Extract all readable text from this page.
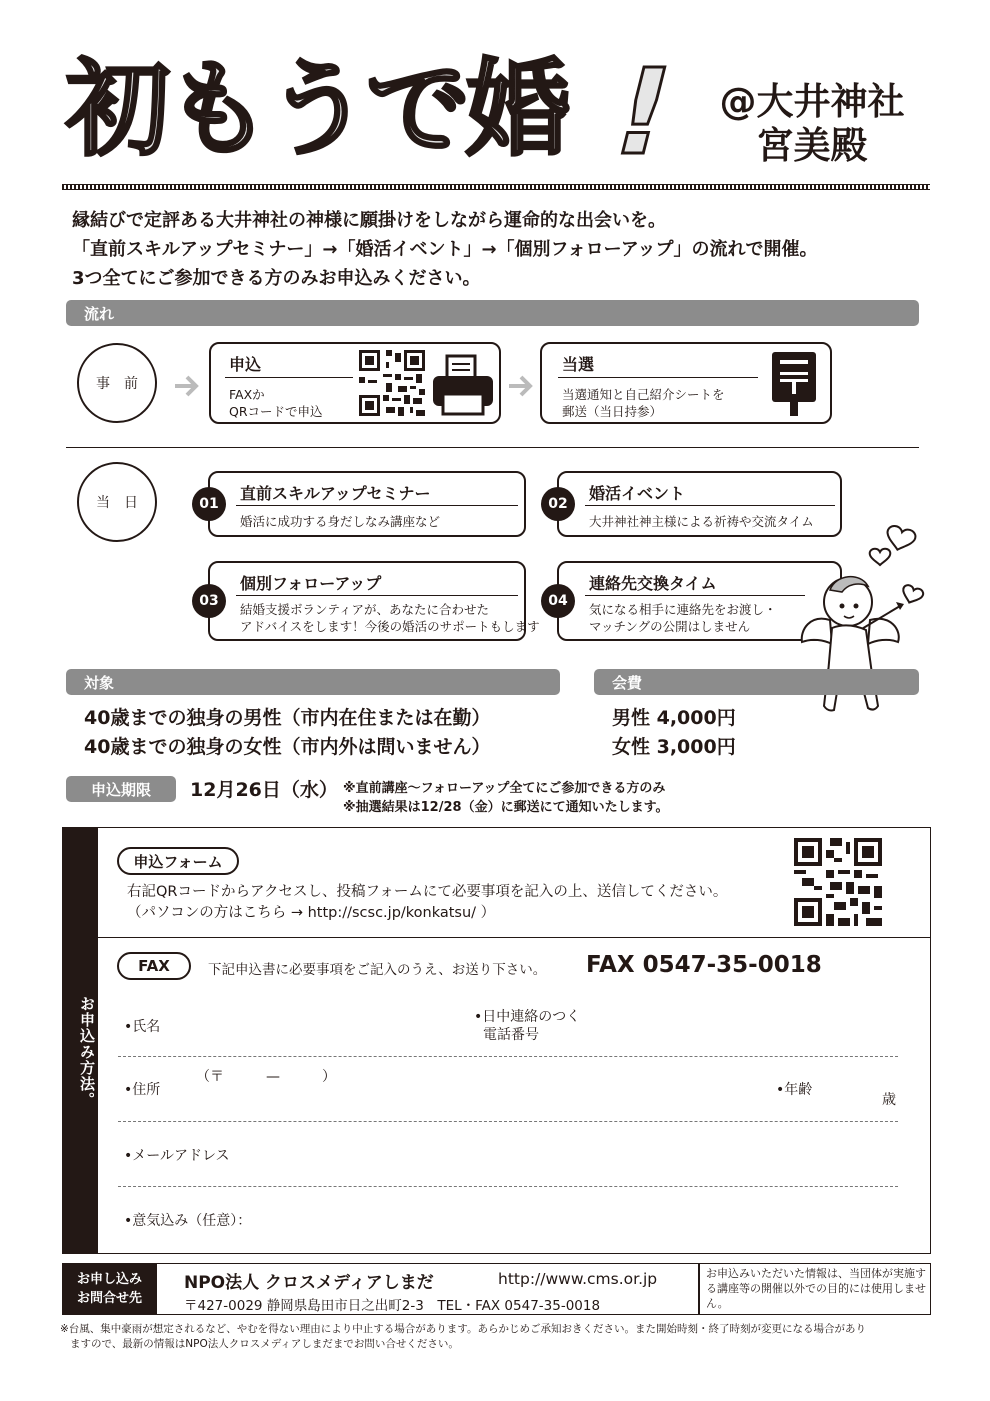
初もうで婚 ! @大井神社
宮美殿
縁結びで定評ある大井神社の神様に願掛けをしながら運命的な出会いを。
「直前スキルアップセミナー」→「婚活イベント」→「個別フォローアップ」の流れで開催。
3つ全てにご参加できる方のみお申込みください。
流れ
事前
申込
FAXか
QRコードで申込
当選
当選通知と自己紹介シートを
郵送（当日持参）
当日	直前スキルアップセミナー
婚活に成功する身だしなみ講座など
01
婚活イベント
大井神社神主様による祈祷や交流タイム
02
個別フォローアップ
結婚支援ボランティアが、あなたに合わせた
アドバイスをします！今後の婚活のサポートもします
03
連絡先交換タイム
気になる相手に連絡先をお渡し・
マッチングの公開はしません
04
対象	会費
40歳までの独身の男性（市内在住または在勤）
40歳までの独身の女性（市内外は問いません）
男性 4,000円
女性 3,000円
申込期限 12月26日（水） ※直前講座〜フォローアップ全てにご参加できる方のみ
※抽選結果は12/28（金）に郵送にて通知いたします。
お申込み方法。
申込フォーム
右記QRコードからアクセスし、投稿フォームにて必要事項を記入の上、送信してください。
（パソコンの方はこちら → http://scsc.jp/konkatsu/ ）
FAX	下記申込書に必要事項をご記入のうえ、お送り下さい。 FAX 0547-35-0018
•氏名
•日中連絡のつく
電話番号
•住所
（〒　　　—　　　）
•年齢
歳
•メールアドレス
•意気込み（任意）：
お申し込み
お問合せ先
NPO法人 クロスメディアしまだ	http://www.cms.or.jp
〒427-0029 静岡県島田市日之出町2-3　TEL・FAX 0547-35-0018
お申込みいただいた情報は、当団体が実施する講座等の開催以外での目的には使用しません。
※台風、集中豪雨が想定されるなど、やむを得ない理由により中止する場合があります。あらかじめご承知おきください。また開始時刻・終了時刻が変更になる場合があり
ますので、最新の情報はNPO法人クロスメディアしまだまでお問い合せください。
